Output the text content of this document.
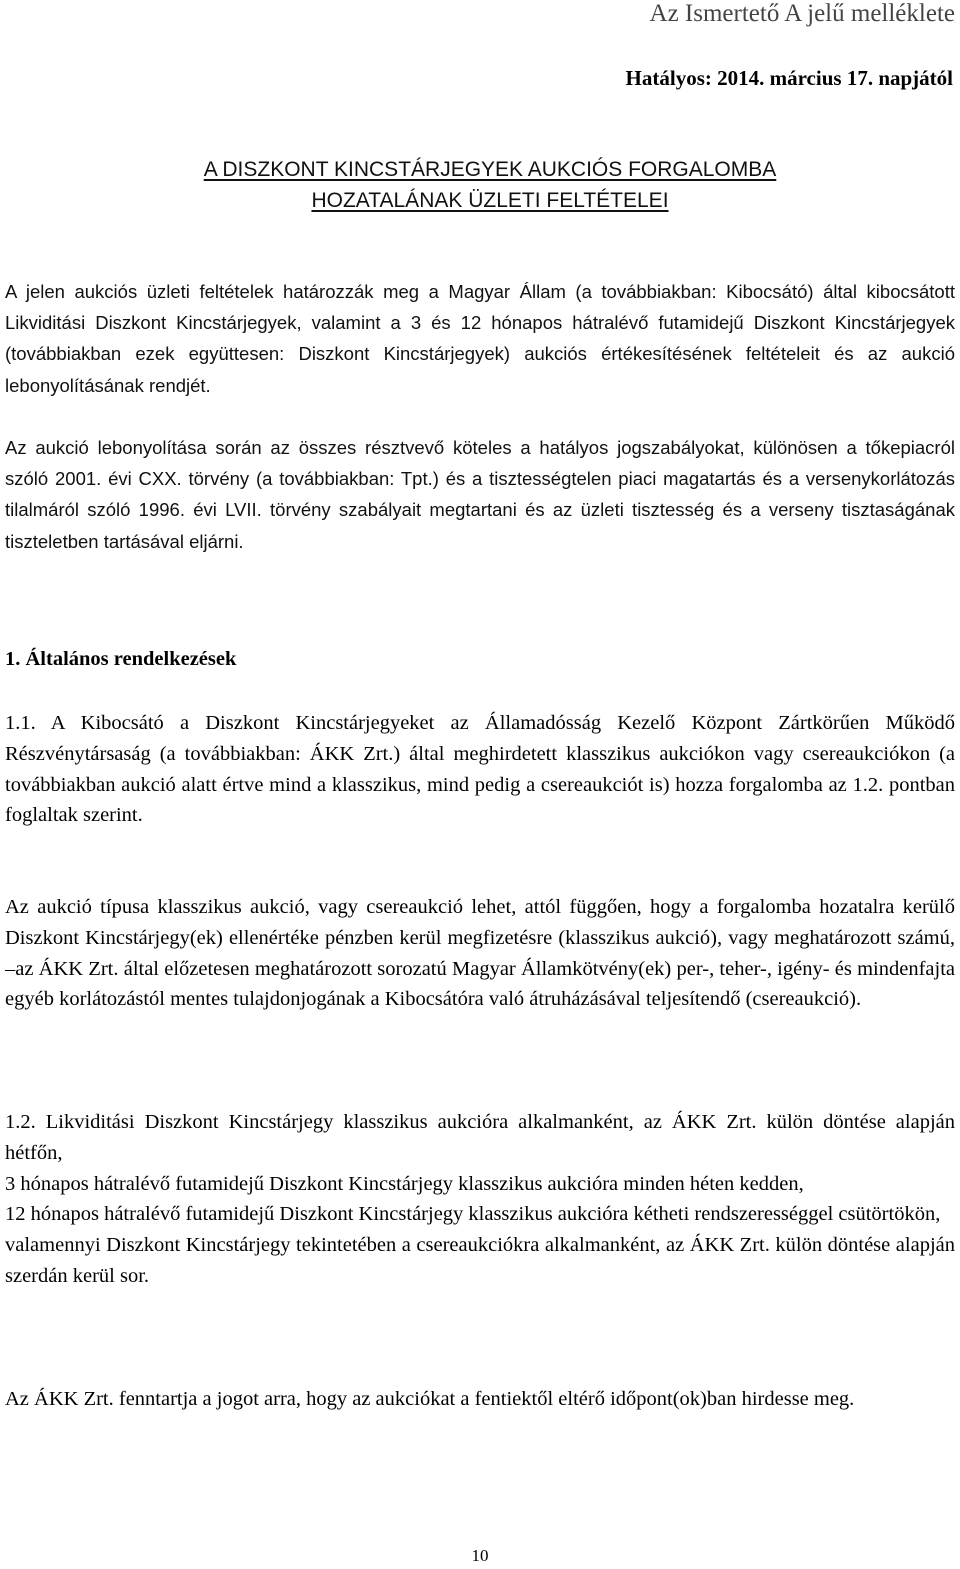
Az Ismertető A jelű melléklete
Hatályos: 2014. március 17. napjától
A DISZKONT KINCSTÁRJEGYEK AUKCIÓS FORGALOMBA
HOZATALÁNAK ÜZLETI FELTÉTELEI
A jelen aukciós üzleti feltételek határozzák meg a Magyar Állam (a továbbiakban: Kibocsátó) által kibocsátott Likviditási Diszkont Kincstárjegyek, valamint a 3 és 12 hónapos hátralévő futamidejű Diszkont Kincstárjegyek (továbbiakban ezek együttesen: Diszkont Kincstárjegyek) aukciós értékesítésének feltételeit és az aukció lebonyolításának rendjét.
Az aukció lebonyolítása során az összes résztvevő köteles a hatályos jogszabályokat, különösen a tőkepiacról szóló 2001. évi CXX. törvény (a továbbiakban: Tpt.) és a tisztességtelen piaci magatartás és a versenykorlátozás tilalmáról szóló 1996. évi LVII. törvény szabályait megtartani és az üzleti tisztesség és a verseny tisztaságának tiszteletben tartásával eljárni.
1. Általános rendelkezések
1.1. A Kibocsátó a Diszkont Kincstárjegyeket az Államadósság Kezelő Központ Zártkörűen Működő Részvénytársaság (a továbbiakban: ÁKK Zrt.) által meghirdetett klasszikus aukciókon vagy csereaukciókon (a továbbiakban aukció alatt értve mind a klasszikus, mind pedig a csereaukciót is) hozza forgalomba az 1.2. pontban foglaltak szerint.
Az aukció típusa klasszikus aukció, vagy csereaukció lehet, attól függően, hogy a forgalomba hozatalra kerülő Diszkont Kincstárjegy(ek) ellenértéke pénzben kerül megfizetésre (klasszikus aukció), vagy meghatározott számú, –az ÁKK Zrt. által előzetesen meghatározott sorozatú Magyar Államkötvény(ek) per-, teher-, igény- és mindenfajta egyéb korlátozástól mentes tulajdonjogának a Kibocsátóra való átruházásával teljesítendő (csereaukció).
1.2. Likviditási Diszkont Kincstárjegy klasszikus aukcióra alkalmanként, az ÁKK Zrt. külön döntése alapján hétfőn,
3 hónapos hátralévő futamidejű Diszkont Kincstárjegy klasszikus aukcióra minden héten kedden,
12 hónapos hátralévő futamidejű Diszkont Kincstárjegy klasszikus aukcióra kétheti rendszerességgel csütörtökön,
valamennyi Diszkont Kincstárjegy tekintetében a csereaukciókra alkalmanként, az ÁKK Zrt. külön döntése alapján szerdán kerül sor.
Az ÁKK Zrt. fenntartja a jogot arra, hogy az aukciókat a fentiektől eltérő időpont(ok)ban hirdesse meg.
10
